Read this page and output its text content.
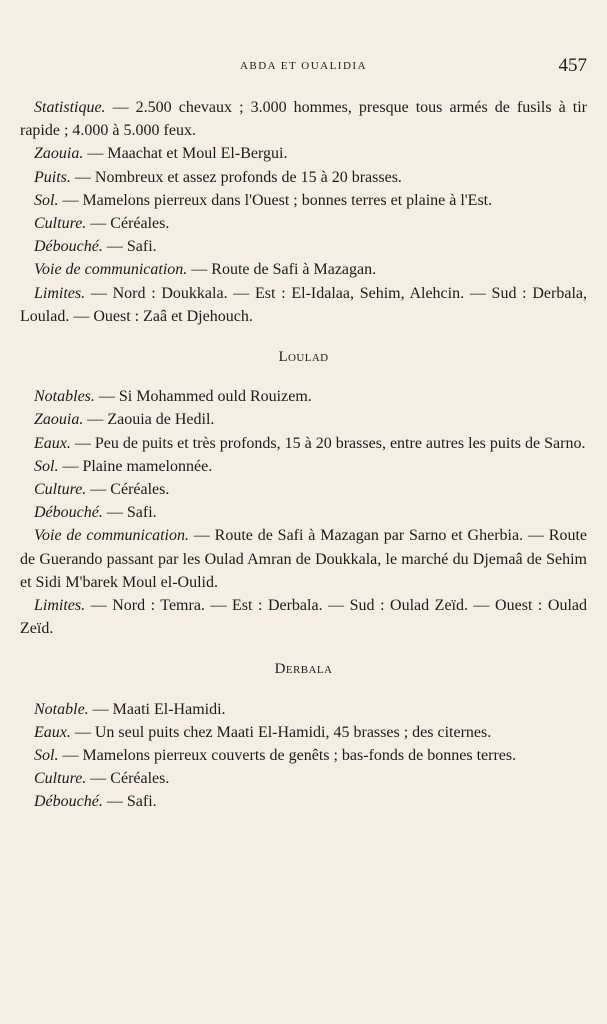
ABDA ET OUALIDIA	457

Statistique. — 2.500 chevaux ; 3.000 hommes, presque tous armés de fusils à tir rapide ; 4.000 à 5.000 feux.

Zaouia. — Maachat et Moul El-Bergui.

Puits. — Nombreux et assez profonds de 15 à 20 brasses.

Sol. — Mamelons pierreux dans l'Ouest ; bonnes terres et plaine à l'Est.

Culture. — Céréales.

Débouché. — Safi.

Voie de communication. — Route de Safi à Mazagan.

Limites. — Nord : Doukkala. — Est : El-Idalaa, Sehim, Alehcin. — Sud : Derbala, Loulad. — Ouest : Zaâ et Djehouch.

Loulad

Notables. — Si Mohammed ould Rouizem.

Zaouia. — Zaouia de Hedil.

Eaux. — Peu de puits et très profonds, 15 à 20 brasses, entre autres les puits de Sarno.

Sol. — Plaine mamelonnée.

Culture. — Céréales.

Débouché. — Safi.

Voie de communication. — Route de Safi à Mazagan par Sarno et Gherbia. — Route de Guerando passant par les Oulad Amran de Doukkala, le marché du Djemaâ de Sehim et Sidi M'barek Moul el-Oulid.

Limites. — Nord : Temra. — Est : Derbala. — Sud : Oulad Zeïd. — Ouest : Oulad Zeïd.

Derbala

Notable. — Maati El-Hamidi.

Eaux. — Un seul puits chez Maati El-Hamidi, 45 brasses ; des citernes.

Sol. — Mamelons pierreux couverts de genêts ; bas-fonds de bonnes terres.

Culture. — Céréales.

Débouché. — Safi.
